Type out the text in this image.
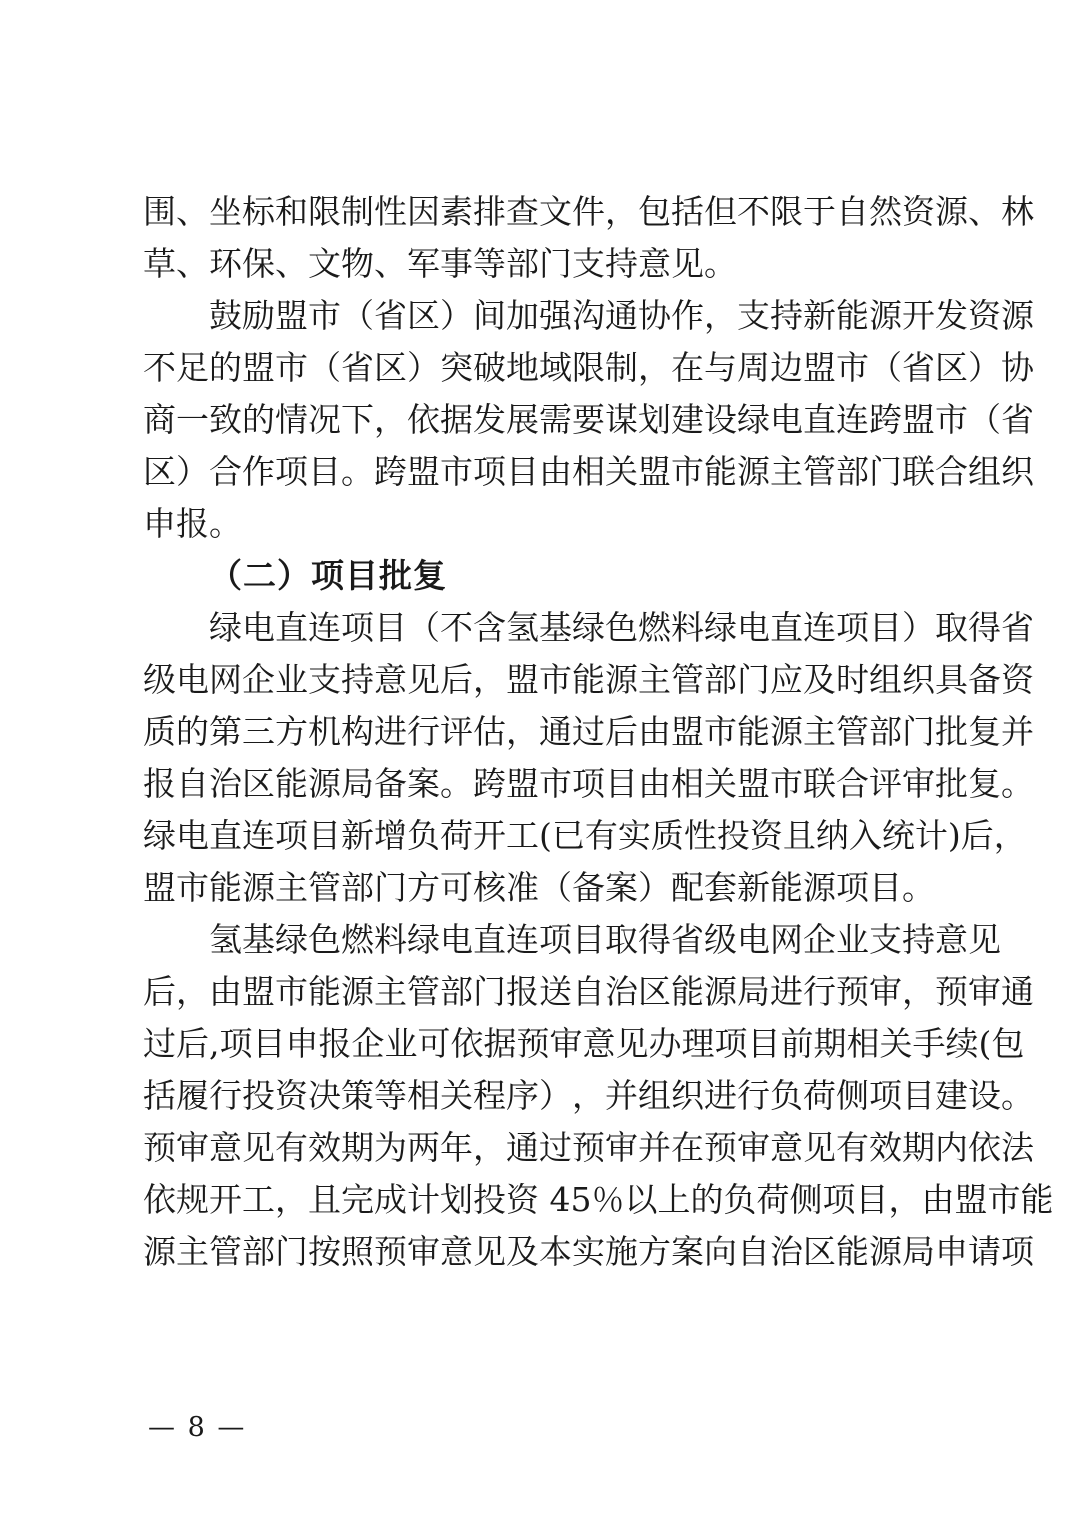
围 、 坐 标 和 限 制 性 因 素 排 查 文 件 ， 包 括 但 不 限 于 自 然 资 源 、 林
草、环保、文物、军事等部门支持意见。
鼓 励 盟 市 （ 省 区 ） 间 加 强 沟 通 协 作 ， 支 持 新 能 源 开 发 资 源
不 足 的 盟 市 （ 省 区 ） 突 破 地 域 限 制 ， 在 与 周 边 盟 市 （ 省 区 ） 协
商 一 致 的 情 况 下 ， 依 据 发 展 需 要 谋 划 建 设 绿 电 直 连 跨 盟 市 （ 省
区 ） 合 作 项 目 。 跨 盟 市 项 目 由 相 关 盟 市 能 源 主 管 部 门 联 合 组 织
申报。
（二）项目批复
绿 电 直 连 项 目 （ 不 含 氢 基 绿 色 燃 料 绿 电 直 连 项 目 ） 取 得 省
级 电 网 企 业 支 持 意 见 后 ， 盟 市 能 源 主 管 部 门 应 及 时 组 织 具 备 资
质 的 第 三 方 机 构 进 行 评 估 ， 通 过 后 由 盟 市 能 源 主 管 部 门 批 复 并
报 自 治 区 能 源 局 备 案 。 跨 盟 市 项 目 由 相 关 盟 市 联 合 评 审 批 复 。
绿 电 直 连 项 目 新 增 负 荷 开 工 ( 已 有 实 质 性 投 资 且 纳 入 统 计 ) 后 ，
盟市能源主管部门方可核准（备案）配套新能源项目。
氢 基 绿 色 燃 料 绿 电 直 连 项 目 取 得 省 级 电 网 企 业 支 持 意 见
后 ， 由 盟 市 能 源 主 管 部 门 报 送 自 治 区 能 源 局 进 行 预 审 ， 预 审 通
过 后 , 项 目 申 报 企 业 可 依 据 预 审 意 见 办 理 项 目 前 期 相 关 手 续 ( 包
括 履 行 投 资 决 策 等 相 关 程 序 ） ， 并 组 织 进 行 负 荷 侧 项 目 建 设 。
预 审 意 见 有 效 期 为 两 年 ， 通 过 预 审 并 在 预 审 意 见 有 效 期 内 依 法
依 规 开 工 ， 且 完 成 计 划 投 资
4 5 ％ 以 上 的 负 荷 侧 项 目 ， 由 盟 市 能
源 主 管 部 门 按 照 预 审 意 见 及 本 实 施 方 案 向 自 治 区 能 源 局 申 请 项
— 8 —
